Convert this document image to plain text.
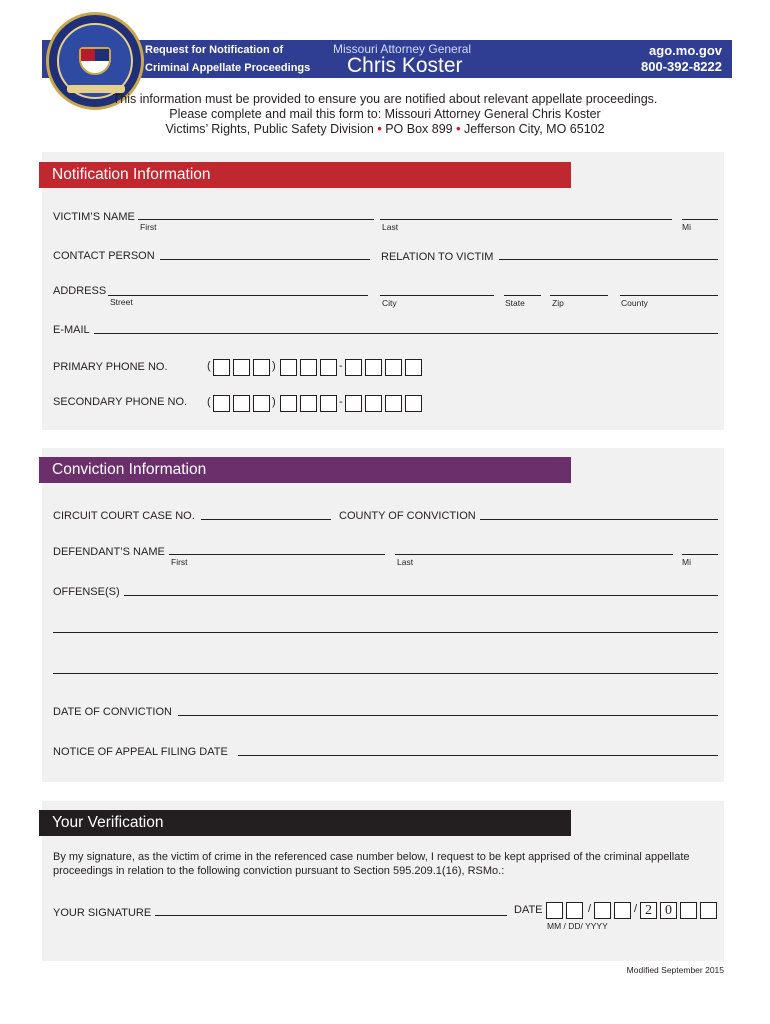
Request for Notification of
Criminal Appellate Proceedings
Missouri Attorney General
Chris Koster
ago.mo.gov
800-392-8222
This information must be provided to ensure you are notified about relevant appellate proceedings.
Please complete and mail this form to: Missouri Attorney General Chris Koster
Victims’ Rights, Public Safety Division • PO Box 899 • Jefferson City, MO 65102
Notification Information
VICTIM’S NAME
First	Last	Mi
CONTACT PERSON	RELATION TO VICTIM
ADDRESS
Street	City	State	Zip	County
E-MAIL
PRIMARY PHONE NO.	(	)	-
SECONDARY PHONE NO. (	)	-
Conviction Information
CIRCUIT COURT CASE NO.	COUNTY OF CONVICTION
DEFENDANT’S NAME
First	Last	Mi
OFFENSE(S)
DATE OF CONVICTION
NOTICE OF APPEAL FILING DATE
Your Verification
By my signature, as the victim of crime in the referenced case number below, I request to be kept apprised of the criminal appellate
proceedings in relation to the following conviction pursuant to Section 595.209.1(16), RSMo.:
YOUR SIGNATURE	DATE	/	/ 2 0
MM / DD/ YYYY
Modified September 2015
